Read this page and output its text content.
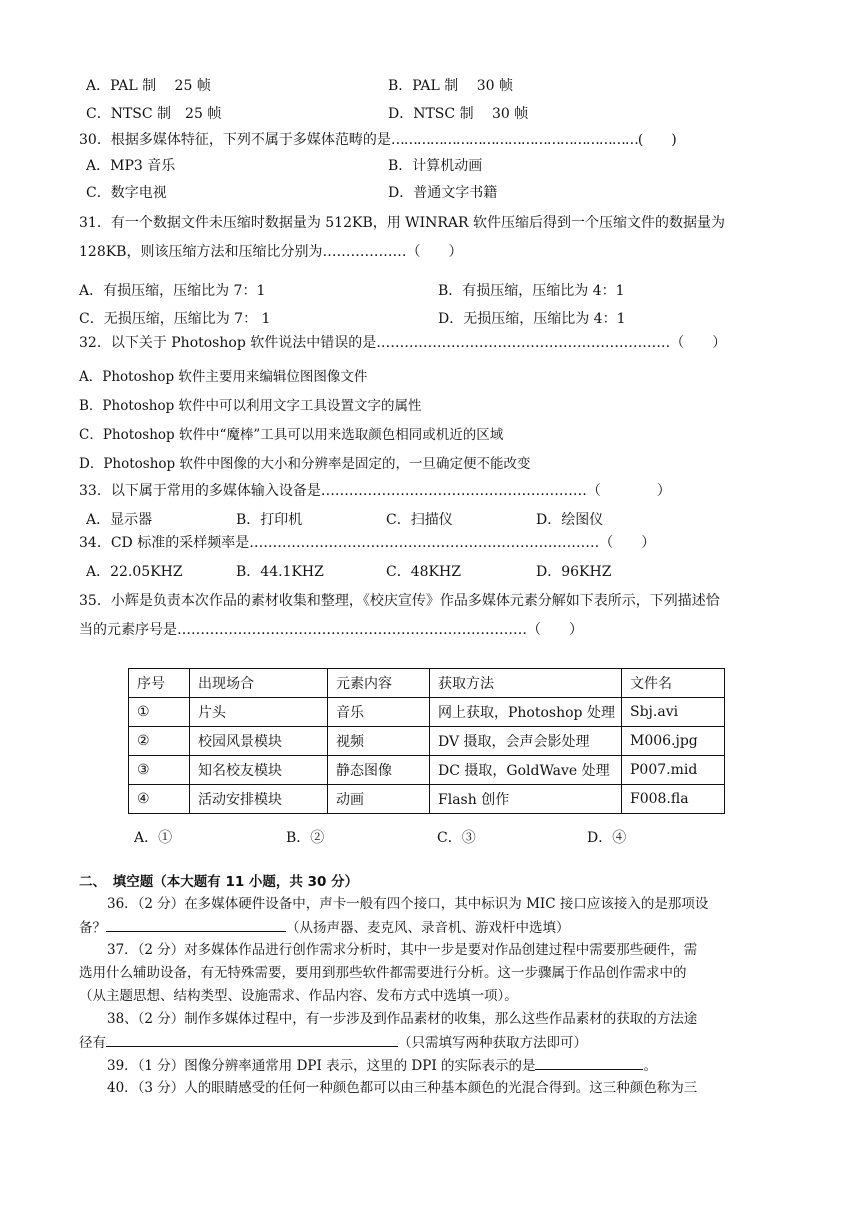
A．PAL 制　 25 帧	B．PAL 制　 30 帧
C．NTSC 制　25 帧	D．NTSC 制　 30 帧
30．根据多媒体特征，下列不属于多媒体范畴的是…………………………………………………(　　)
A．MP3 音乐	B．计算机动画
C．数字电视	D．普通文字书籍
31．有一个数据文件未压缩时数据量为 512KB，用 WINRAR 软件压缩后得到一个压缩文件的数据量为
128KB，则该压缩方法和压缩比分别为………………（　　）
A．有损压缩，压缩比为 7：1	B．有损压缩，压缩比为 4：1
C．无损压缩，压缩比为 7： 1	D．无损压缩，压缩比为 4：1
32．以下关于 Photoshop 软件说法中错误的是………………………………………………………（　　）
A．Photoshop 软件主要用来编辑位图图像文件
B．Photoshop 软件中可以利用文字工具设置文字的属性
C．Photoshop 软件中“魔棒”工具可以用来选取颜色相同或机近的区域
D．Photoshop 软件中图像的大小和分辨率是固定的，一旦确定便不能改变
33．以下属于常用的多媒体输入设备是…………………………………………………（　　　　）
A．显示器	B．打印机	C．扫描仪	D．绘图仪
34．CD 标准的采样频率是…………………………………………………………………（　　）
A．22.05KHZ	B．44.1KHZ	C．48KHZ	D．96KHZ
35．小辉是负责本次作品的素材收集和整理，《校庆宣传》作品多媒体元素分解如下表所示，下列描述恰
当的元素序号是…………………………………………………………………（　　）
序号	出现场合	元素内容	获取方法	文件名
①	片头	音乐	网上获取，Photoshop 处理	Sbj.avi
②	校园风景模块	视频	DV 摄取，会声会影处理	M006.jpg
③	知名校友模块	静态图像	DC 摄取，GoldWave 处理	P007.mid
④	活动安排模块	动画	Flash 创作	F008.fla
A．①	B．②	C．③	D．④
二、　填空题（本大题有 11 小题，共 30 分）
36．（2 分）在多媒体硬件设备中，声卡一般有四个接口，其中标识为 MIC 接口应该接入的是那项设
备？	（从扬声器、麦克风、录音机、游戏杆中选填）
37．（2 分）对多媒体作品进行创作需求分析时，其中一步是要对作品创建过程中需要那些硬件，需
选用什么辅助设备，有无特殊需要，要用到那些软件都需要进行分析。这一步骤属于作品创作需求中的
（从主题思想、结构类型、设施需求、作品内容、发布方式中选填一项）。
38、（2 分）制作多媒体过程中，有一步涉及到作品素材的收集，那么这些作品素材的获取的方法途
径有	（只需填写两种获取方法即可）
39．（1 分）图像分辨率通常用 DPI 表示，这里的 DPI 的实际表示的是	。
40．（3 分）人的眼睛感受的任何一种颜色都可以由三种基本颜色的光混合得到。这三种颜色称为三
